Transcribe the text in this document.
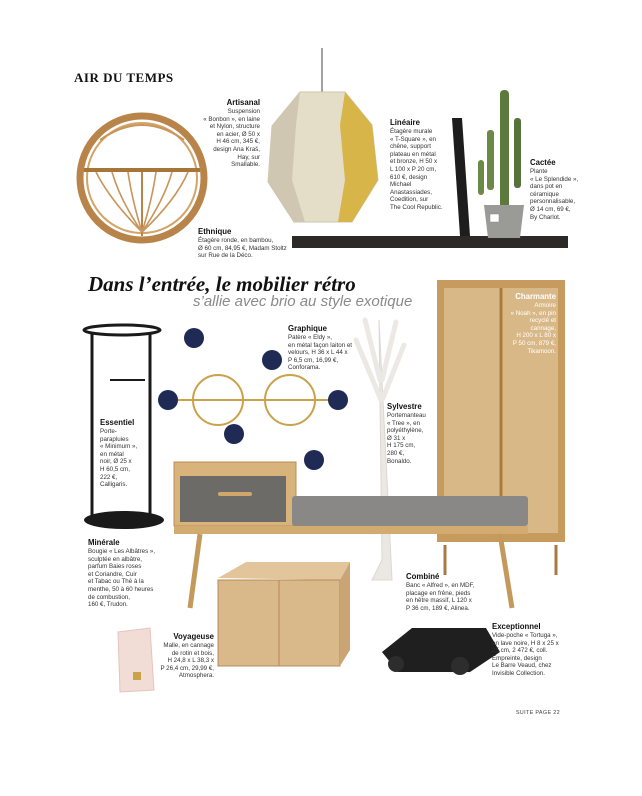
AIR DU TEMPS
Dans l’entrée, le mobilier rétro
s’allie avec brio au style exotique
Artisanal
Suspension
« Bonbon », en laine
et Nylon, structure
en acier, Ø 50 x
H 46 cm, 345 €,
design Ana Kraš,
Hay, sur
Smallable.
Linéaire
Étagère murale
« T-Square », en
chêne, support
plateau en métal
et bronze, H 50 x
L 100 x P 20 cm,
610 €, design
Michael
Anastassiades,
Coedition, sur
The Cool Republic.
Cactée
Plante
« Le Splendide »,
dans pot en
céramique
personnalisable,
Ø 14 cm, 69 €,
By Charlot.
Ethnique
Étagère ronde, en bambou,
Ø 60 cm, 84,95 €, Madam Stoltz
sur Rue de la Déco.
Graphique
Patère « Eldy »,
en métal façon laiton et
velours, H 36 x L 44 x
P 6,5 cm, 16,99 €,
Conforama.
Charmante
Armoire
« Noah », en pin
recyclé et
cannage,
H 200 x L 80 x
P 50 cm, 879 €,
Tikamoon.
Essentiel
Porte-
parapluies
« Minimum »,
en métal
noir, Ø 25 x
H 60,5 cm,
222 €,
Calligaris.
Sylvestre
Portemanteau
« Tree », en
polyéthylène,
Ø 31 x
H 175 cm,
280 €,
Bonaldo.
Minérale
Bougie « Les Albâtres »,
sculptée en albâtre,
parfum Baies roses
et Coriandre, Cuir
et Tabac ou Thé à la
menthe, 50 à 60 heures
de combustion,
160 €, Trudon.
Combiné
Banc « Alfred », en MDF,
placage en frêne, pieds
en hêtre massif, L 120 x
P 36 cm, 189 €, Alinea.
Voyageuse
Malle, en cannage
de rotin et bois,
H 24,8 x L 38,3 x
P 26,4 cm, 29,99 €,
Atmosphera.
Exceptionnel
Vide-poche « Tortuga »,
en lave noire, H 8 x 25 x
25 cm, 2 472 €, coll.
Empreinte, design
Le Barre Veaud, chez
Invisible Collection.
SUITE PAGE 22
